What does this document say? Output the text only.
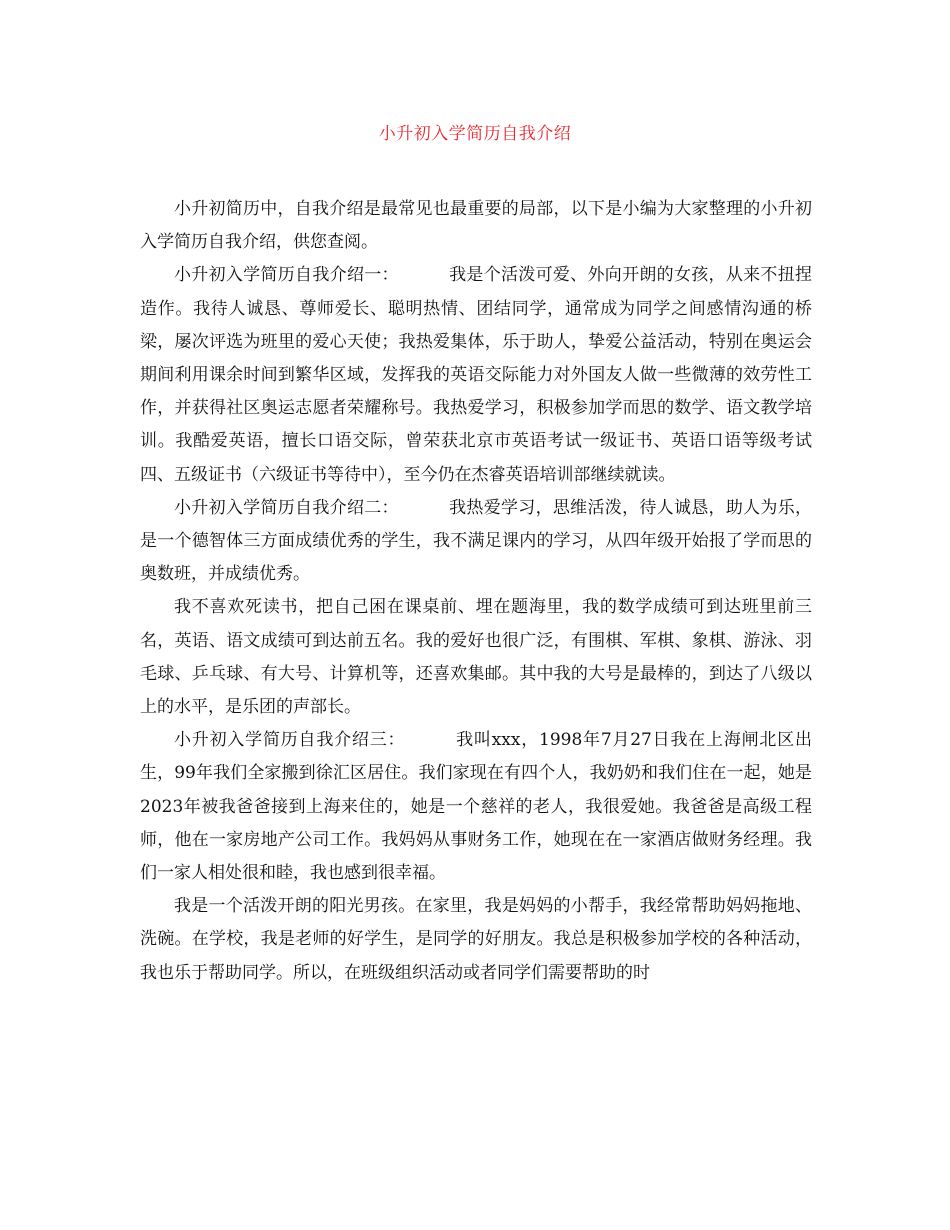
小升初入学简历自我介绍

小升初简历中，自我介绍是最常见也最重要的局部，以下是小编为大家整理的小升初入学简历自我介绍，供您查阅。

小升初入学简历自我介绍一：	我是个活泼可爱、外向开朗的女孩，从来不扭捏造作。我待人诚恳、尊师爱长、聪明热情、团结同学，通常成为同学之间感情沟通的桥梁，屡次评选为班里的爱心天使；我热爱集体，乐于助人，挚爱公益活动，特别在奥运会期间利用课余时间到繁华区域，发挥我的英语交际能力对外国友人做一些微薄的效劳性工作，并获得社区奥运志愿者荣耀称号。我热爱学习，积极参加学而思的数学、语文教学培训。我酷爱英语，擅长口语交际，曾荣获北京市英语考试一级证书、英语口语等级考试四、五级证书（六级证书等待中），至今仍在杰睿英语培训部继续就读。

小升初入学简历自我介绍二：	我热爱学习，思维活泼，待人诚恳，助人为乐，是一个德智体三方面成绩优秀的学生，我不满足课内的学习，从四年级开始报了学而思的奥数班，并成绩优秀。

我不喜欢死读书，把自己困在课桌前、埋在题海里，我的数学成绩可到达班里前三名，英语、语文成绩可到达前五名。我的爱好也很广泛，有围棋、军棋、象棋、游泳、羽毛球、乒乓球、有大号、计算机等，还喜欢集邮。其中我的大号是最棒的，到达了八级以上的水平，是乐团的声部长。

小升初入学简历自我介绍三：	我叫xxx，1998年7月27日我在上海闸北区出生，99年我们全家搬到徐汇区居住。我们家现在有四个人，我奶奶和我们住在一起，她是2023年被我爸爸接到上海来住的，她是一个慈祥的老人，我很爱她。我爸爸是高级工程师，他在一家房地产公司工作。我妈妈从事财务工作，她现在在一家酒店做财务经理。我们一家人相处很和睦，我也感到很幸福。

我是一个活泼开朗的阳光男孩。在家里，我是妈妈的小帮手，我经常帮助妈妈拖地、洗碗。在学校，我是老师的好学生，是同学的好朋友。我总是积极参加学校的各种活动，我也乐于帮助同学。所以，在班级组织活动或者同学们需要帮助的时
